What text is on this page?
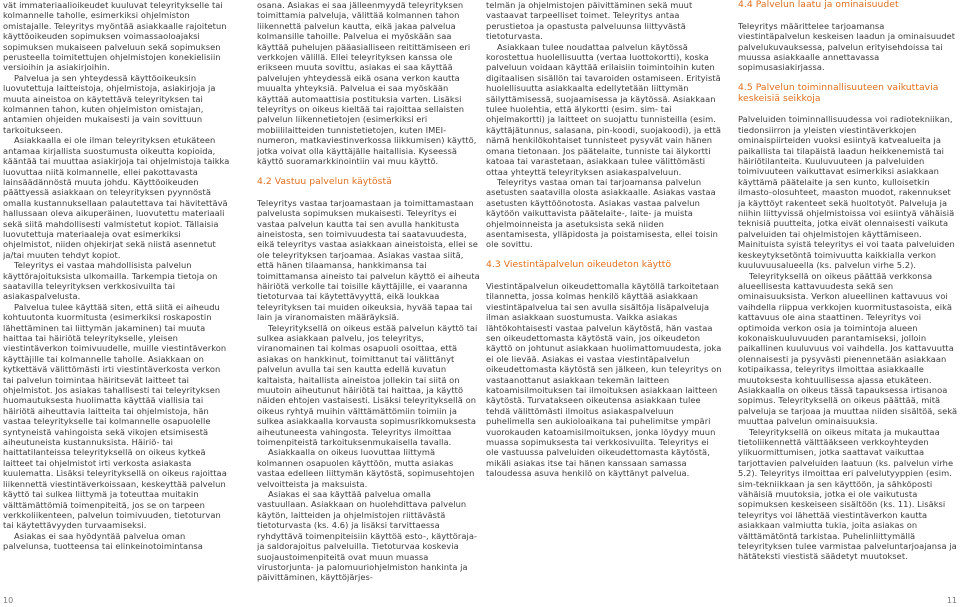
vät immateriaalioikeudet kuuluvat teleyritykselle tai kolmannelle taholle, esimerkiksi ohjelmiston omistajalle. Teleyritys myöntää asiakkaalle rajoitetun käyttöoikeuden sopimuksen voimassaoloajaksi sopimuksen mukaiseen palveluun sekä sopimuksen perusteella toimitettujen ohjelmistojen konekielisiin versioihin ja asiakirjoihin.

Palvelua ja sen yhteydessä käyttöoikeuksin luovutettuja laitteistoja, ohjelmistoja, asiakirjoja ja muuta aineistoa on käytettävä teleyrityksen tai kolmannen tahon, kuten ohjelmiston omistajan, antamien ohjeiden mukaisesti ja vain sovittuun tarkoitukseen.

Asiakkaalla ei ole ilman teleyrityksen etukäteen antamaa kirjallista suostumusta oikeutta kopioida, kääntää tai muuttaa asiakirjoja tai ohjelmistoja taikka luovuttaa niitä kolmannelle, ellei pakottavasta lainsäädännöstä muuta johdu. Käyttöoikeuden päättyessä asiakkaan on teleyrityksen pyynnöstä omalla kustannuksellaan palautettava tai hävitettävä hallussaan oleva aikuperäinen, luovutettu materiaali sekä siitä mahdollisesti valmistetut kopiot. Tällaisia luovutettuja materiaaleja ovat esimerkiksi ohjelmistot, niiden ohjekirjat sekä niistä asennetut ja/tai muuten tehdyt kopiot.

Teleyritys ei vastaa mahdollisista palvelun käyttörajoituksista ulkomailla. Tarkempia tietoja on saatavilla teleyrityksen verkkosivuilta tai asiakaspalvelusta.

Palvelua tulee käyttää siten, että siitä ei aiheudu kohtuutonta kuormitusta (esimerkiksi roskapostin lähettäminen tai liittymän jakaminen) tai muuta haittaa tai häiriötä teleyritykselle, yleisen viestintäverkon toimivuudelle, muille viestintäverkon käyttäjille tai kolmannelle taholle. Asiakkaan on kytkettävä välittömästi irti viestintäverkosta verkon tai palvelun toimintaa häiritsevät laitteet tai ohjelmistot. Jos asiakas tahallisesti tai teleyrityksen huomautuksesta huolimatta käyttää viallisia tai häiriötä aiheuttavia laitteita tai ohjelmistoja, hän vastaa teleyritykselle tai kolmannelle osapuolelle syntyneistä vahingoista sekä vikojen etsimisestä aiheutuneista kustannuksista. Häiriö- tai haittatilanteissa teleyrityksellä on oikeus kytkeä laitteet tai ohjelmistot irti verkosta asiakasta kuulematta. Lisäksi teleyrityksellä on oikeus rajoittaa liikennettä viestintäverkoissaan, keskeyttää palvelun käyttö tai sulkea liittymä ja toteuttaa muitakin välttämättömiä toimenpiteitä, jos se on tarpeen verkkoliikenteen, palvelun toimivuuden, tietoturvan tai käytettävyyden turvaamiseksi.

Asiakas ei saa hyödyntää palvelua oman palvelunsa, tuotteensa tai elinkeinotoimintansa

osana. Asiakas ei saa jälleenmyydä teleyrityksen toimittamia palveluja, välittää kolmannen tahon liikennettä palvelun kautta, eikä jakaa palvelua kolmansille tahoille. Palvelua ei myöskään saa käyttää puhelujen pääasialliseen reitittämiseen eri verkkojen välillä. Ellei teleyrityksen kanssa ole erikseen muuta sovittu, asiakas ei saa käyttää palvelujen yhteydessä eikä osana verkon kautta muualta yhteyksiä. Palvelua ei saa myöskään käyttää automaattisia postituksia varten. Lisäksi teleyritys on oikeus kieltää tai rajoittaa sellaisten palvelun liikennetietojen (esimerkiksi eri mobiililaitteiden tunnistetietojen, kuten IMEI-numeron, matkaviestinverkossa liikkumisen) käyttö, jotka voivat olla käyttäjälle haitallisia. Kyseessä käyttö suoramarkkinointiin vai muu käyttö.

4.2 Vastuu palvelun käytöstä

Teleyritys vastaa tarjoamastaan ja toimittamastaan palvelusta sopimuksen mukaisesti. Teleyritys ei vastaa palvelun kautta tai sen avulla hankitusta aineistosta, sen toimivuudesta tai saatavuudesta, eikä teleyritys vastaa asiakkaan aineistoista, ellei se ole teleyrityksen tarjoamaa. Asiakas vastaa siitä, että hänen tilaamansa, hankkimansa tai toimittamansa aineisto tai palvelun käyttö ei aiheuta häiriötä verkolle tai toisille käyttäjille, ei vaaranna tietoturvaa tai käytettävyyttä, eikä loukkaa teleyrityksen tai muiden oikeuksia, hyvää tapaa tai lain ja viranomaisten määräyksiä.

Teleyrityksellä on oikeus estää palvelun käyttö tai sulkea asiakkaan palvelu, jos teleyritys, viranomainen tai kolmas osapuoli osoittaa, että asiakas on hankkinut, toimittanut tai välittänyt palvelun avulla tai sen kautta edellä kuvatun kaltaista, haitallista aineistoa jollekin tai siitä on muutoin aiheutunut häiriötä tai haittaa, ja käyttö näiden ehtojen vastaisesti. Lisäksi teleyrityksellä on oikeus ryhtyä muihin välttämättömiin toimiin ja sulkea asiakkaalla korvausta sopimusrikkomuksesta aiheutuneesta vahingosta. Teleyritys ilmoittaa toimenpiteistä tarkoituksenmukaisella tavalla.

Asiakkaalla on oikeus luovuttaa liittymä kolmannen osapuolen käyttöön, mutta asiakas vastaa edelleen liittymän käytöstä, sopimusehtojen velvoitteista ja maksuista.

Asiakas ei saa käyttää palvelua omalla vastuullaan. Asiakkaan on huolehdittava palvelun käytön, laitteiden ja ohjelmistojen riittävästä tietoturvasta (ks. 4.6) ja lisäksi tarvittaessa ryhdyttävä toimenpiteisiin käyttöä esto-, käyttöraja- ja saldorajoitus palveluilla. Tietoturvaa koskevia suojaustoimenpiteitä ovat muun muassa virustorjunta- ja palomuuriohjelmiston hankinta ja päivittäminen, käyttöjärjes-

telmän ja ohjelmistojen päivittäminen sekä muut vastaavat tarpeelliset toimet. Teleyritys antaa perustietoa ja opastusta palveluunsa liittyvästä tietoturvasta.

Asiakkaan tulee noudattaa palvelun käytössä korostettua huolellisuutta (vertaa luottokortti), koska palveluun voidaan käyttää erilaisiin toimintoihin kuten digitaalisen sisällön tai tavaroiden ostamiseen. Erityistä huolellisuutta asiakkaalta edellytetään liittymän säilyttämisessä, suojaamisessa ja käytössä. Asiakkaan tulee huolehtia, että älykortti (esim. sim- tai ohjelmakortti) ja laitteet on suojattu tunnisteilla (esim. käyttäjätunnus, salasana, pin-koodi, suojakoodi), ja että nämä henkilökohtaiset tunnisteet pysyvät vain hänen omana tietonaan. Jos päätelaite, tunniste tai älykortti katoaa tai varastetaan, asiakkaan tulee välittömästi ottaa yhteyttä teleyrityksen asiakaspalveluun.

Teleyritys vastaa oman tai tarjoamansa palvelun asetusten saatavilla olosta asiakkaalle. Asiakas vastaa asetusten käyttöönotosta. Asiakas vastaa palvelun käytöön vaikuttavista päätelaite-, laite- ja muista ohjelmoinneista ja asetuksista sekä niiden asentamisesta, ylläpidosta ja poistamisesta, ellei toisin ole sovittu.

4.3 Viestintäpalvelun oikeudeton käyttö

Viestintäpalvelun oikeudettomalla käytöllä tarkoitetaan tilannetta, jossa kolmas henkilö käyttää asiakkaan viestintäpalvelua tai sen avulla sisältöja lisäpalveluja ilman asiakkaan suostumusta. Vaikka asiakas lähtökohtaisesti vastaa palvelun käytöstä, hän vastaa sen oikeudettomasta käytöstä vain, jos oikeudeton käyttö on johtunut asiakkaan huolimattomuudesta, joka ei ole lievää. Asiakas ei vastaa viestintäpalvelun oikeudettomasta käytöstä sen jälkeen, kun teleyritys on vastaanottanut asiakkaan tekemän laitteen katoamisilmoituksen tai ilmoituksen asiakkaan laitteen käytöstä. Turvatakseen oikeutensa asiakkaan tulee tehdä välittömästi ilmoitus asiakaspalveluun puhelimella sen aukioloaikana tai puhelimitse ympäri vuorokauden katoamisilmoituksen, jonka löydyy muun muassa sopimuksesta tai verkkosivuilta. Teleyritys ei ole vastuussa palveluiden oikeudettomasta käytöstä, mikäli asiakas itse tai hänen kanssaan samassa taloudessa asuva henkilö on käyttänyt palvelua.

4.4 Palvelun laatu ja ominaisuudet

Teleyritys määrittelee tarjoamansa viestintäpalvelun keskeisen laadun ja ominaisuudet palvelukuvauksessa, palvelun erityisehdoissa tai muussa asiakkaalle annettavassa sopimusasiakirjassa.

4.5 Palvelun toiminnallisuuteen vaikuttavia keskeisiä seikkoja

Palveluiden toiminnallisuudessa voi radiotekniikan, tiedonsiirron ja yleisten viestintäverkkojen ominaispiirteiden vuoksi esiintyä katvealueita ja paikallista tai tilapäistä laadun heikkenemistä tai häiriötilanteita. Kuuluvuuteen ja palveluiden toimivuuteen vaikuttavat esimerkiksi asiakkaan käyttämä päätelaite ja sen kunto, kulloisetkin ilmasto-olosuhteet, maaston muodot, rakennukset ja käyttöyt rakenteet sekä huoltotyöt. Palveluja ja niihin liittyvissä ohjelmistoissa voi esiintyä vähäisiä teknisiä puutteita, jotka eivät olennaisesti vaikuta palveluiden tai ohjelmistojen käyttämiseen. Mainituista syistä teleyritys ei voi taata palveluiden keskeytyksetöntä toimivuutta kaikkialla verkon kuuluvuusalueella (ks. palvelun virhe 5.2).

Teleyrityksellä on oikeus päättää verkkonsa alueellisesta kattavuudesta sekä sen ominaisuuksista. Verkon alueellinen kattavuus voi vaihdella riippua verkkojen kuormitustasoista, eikä kattavuus ole aina staattinen. Teleyritys voi optimoida verkon osia ja toimintoja alueen kokonaiskuuluvuuden parantamiseksi, jolloin paikallinen kuuluvuus voi vaihdella. Jos kattavuutta olennaisesti ja pysyvästi pienennetään asiakkaan kotipaikassa, teleyritys ilmoittaa asiakkaalle muutoksesta kohtuullisessa ajassa etukäteen. Asiakkaalla on oikeus tässä tapauksessa irtisanoa sopimus. Teleyrityksellä on oikeus päättää, mitä palveluja se tarjoaa ja muuttaa niiden sisältöä, sekä muuttaa palvelun ominaisuuksia.

Teleyrityksellä on oikeus mitata ja mukauttaa tietoliikennettä välttääkseen verkkoyhteyden ylikuormittumisen, jotka saattavat vaikuttaa tarjottavien palveluiden laatuun (ks. palvelun virhe 5.2). Teleyritys ilmoittaa eri palvelutyyppien (esim. sim-tekniikkaan ja sen käyttöön, ja sähköposti vähäisiä muutoksia, jotka ei ole vaikutusta sopimuksen keskeiseen sisältöön (ks. 11). Lisäksi teleyritys voi lähettää viestintäverkon kautta asiakkaan valmiutta tukia, joita asiakas on välttämätöntä tarkistaa. Puhelinliittymällä teleyrityksen tulee varmistaa palveluntarjoajansa ja hätäteksti viestistä säädetyt muutokset.

10	11
